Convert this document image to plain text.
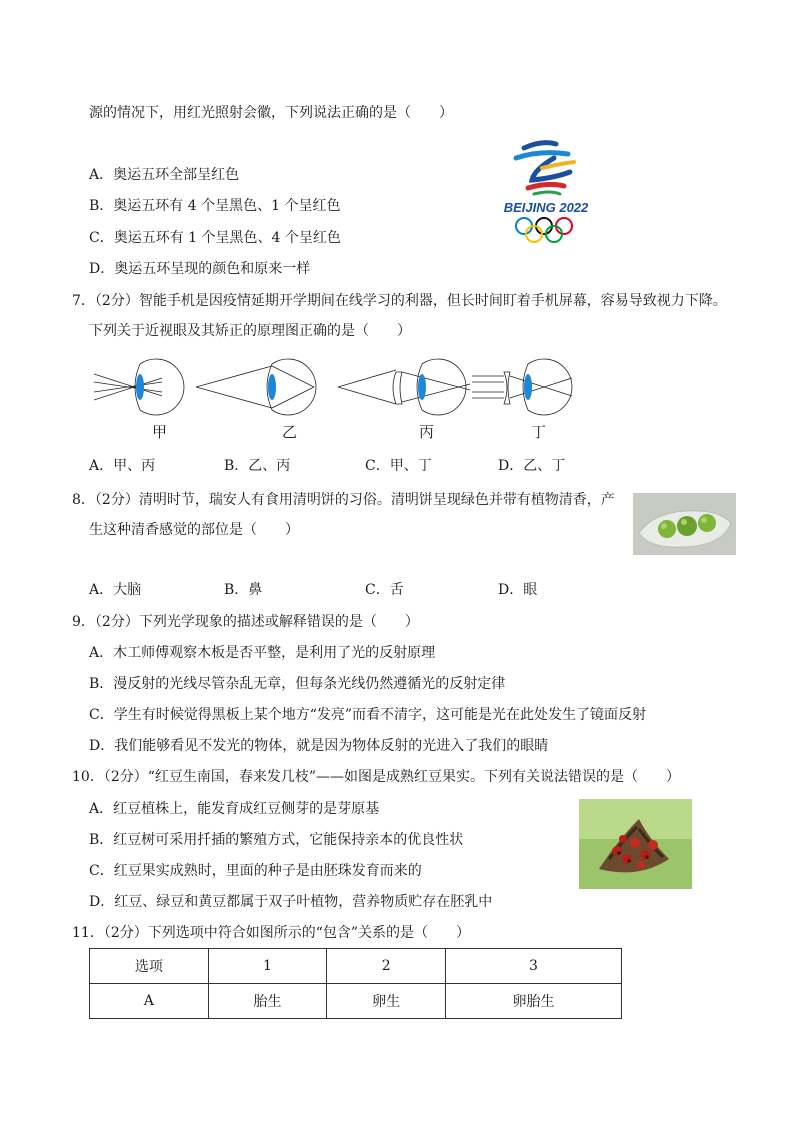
源的情况下，用红光照射会徽，下列说法正确的是（　　）
A．奥运五环全部呈红色
B．奥运五环有 4 个呈黑色、1 个呈红色
C．奥运五环有 1 个呈黑色、4 个呈红色
D．奥运五环呈现的颜色和原来一样
BEIJING 2022
7．（2分）智能手机是因疫情延期开学期间在线学习的利器，但长时间盯着手机屏幕，容易导致视力下降。
下列关于近视眼及其矫正的原理图正确的是（　　）
甲	乙	丙	丁
A．甲、丙	B．乙、丙	C．甲、丁	D．乙、丁
8．（2分）清明时节，瑞安人有食用清明饼的习俗。清明饼呈现绿色并带有植物清香，产
生这种清香感觉的部位是（　　）
A．大脑	B．鼻	C．舌	D．眼
9．（2分）下列光学现象的描述或解释错误的是（　　）
A．木工师傅观察木板是否平整，是利用了光的反射原理
B．漫反射的光线尽管杂乱无章，但每条光线仍然遵循光的反射定律
C．学生有时候觉得黑板上某个地方“发亮”而看不清字，这可能是光在此处发生了镜面反射
D．我们能够看见不发光的物体，就是因为物体反射的光进入了我们的眼睛
10．（2分）“红豆生南国，春来发几枝”——如图是成熟红豆果实。下列有关说法错误的是（　　）
A．红豆植株上，能发育成红豆侧芽的是芽原基
B．红豆树可采用扦插的繁殖方式，它能保持亲本的优良性状
C．红豆果实成熟时，里面的种子是由胚珠发育而来的
D．红豆、绿豆和黄豆都属于双子叶植物，营养物质贮存在胚乳中
11．（2分）下列选项中符合如图所示的“包含”关系的是（　　）
选项	1	2	3
A	胎生	卵生	卵胎生
